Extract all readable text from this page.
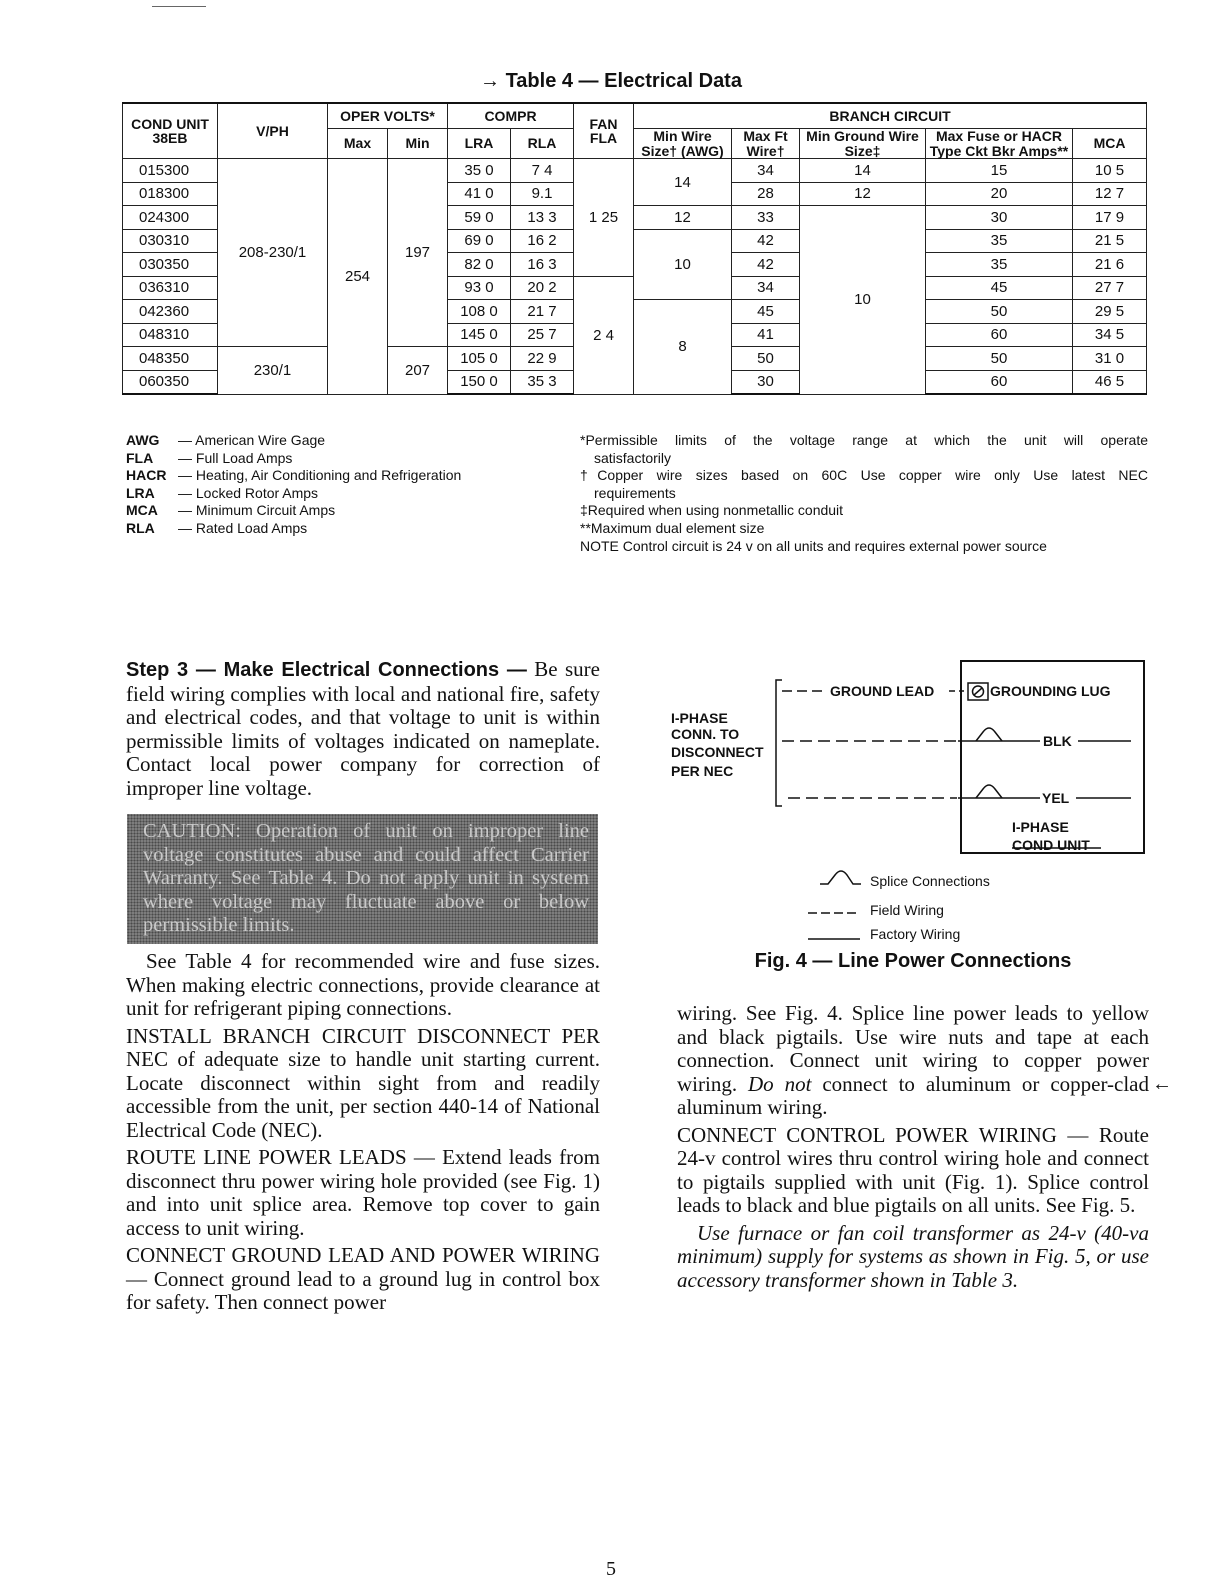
→ Table 4 — Electrical Data
COND UNIT 38EB	V/PH	OPER VOLTS*		COMPR		FAN FLA	BRANCH CIRCUIT				
							Min Wire Size† (AWG)	Max Ft Wire†	Min Ground Wire Size‡	Max Fuse or HACR Type Ckt Bkr Amps**	MCA
		Max	Min	LRA	RLA						
015300	208-230/1	254	197	35 0	7 4	1 25	14	34	14	15	10 5
018300				41 0	9.1			28	12	20	12 7
024300				59 0	13 3		12	33	10	30	17 9
030310				69 0	16 2		10	42		35	21 5
030350				82 0	16 3			42		35	21 6
036310				93 0	20 2	2 4		34		45	27 7
042360				108 0	21 7		8	45		50	29 5
048310				145 0	25 7			41		60	34 5
048350	230/1		207	105 0	22 9			50		50	31 0
060350				150 0	35 3			30		60	46 5
AWG — American Wire Gage
FLA — Full Load Amps
HACR — Heating, Air Conditioning and Refrigeration
LRA — Locked Rotor Amps
MCA — Minimum Circuit Amps
RLA — Rated Load Amps
*Permissible limits of the voltage range at which the unit will operate
satisfactorily
†Copper wire sizes based on 60C Use copper wire only Use latest NEC
requirements
‡Required when using nonmetallic conduit
**Maximum dual element size
NOTE Control circuit is 24 v on all units and requires external power source

Step 3 — Make Electrical Connections — Be sure field wiring complies with local and national fire, safety and electrical codes, and that voltage to unit is within permissible limits of voltages indicated on nameplate. Contact local power company for correction of improper line voltage.

CAUTION: Operation of unit on improper line voltage constitutes abuse and could affect Carrier Warranty. See Table 4. Do not apply unit in system where voltage may fluctuate above or below permissible limits.

See Table 4 for recommended wire and fuse sizes. When making electric connections, provide clearance at unit for refrigerant piping connections.

INSTALL BRANCH CIRCUIT DISCONNECT PER NEC of adequate size to handle unit starting current. Locate disconnect within sight from and readily accessible from the unit, per section 440-14 of National Electrical Code (NEC).

ROUTE LINE POWER LEADS — Extend leads from disconnect thru power wiring hole provided (see Fig. 1) and into unit splice area. Remove top cover to gain access to unit wiring.

CONNECT GROUND LEAD AND POWER WIRING — Connect ground lead to a ground lug in control box for safety. Then connect power

I-PHASE
CONN. TO
DISCONNECT
PER NEC
GROUND LEAD	GROUNDING LUG
BLK
YEL
I-PHASE
COND UNIT
Splice Connections
Field Wiring
Factory Wiring
Fig. 4 — Line Power Connections

wiring. See Fig. 4. Splice line power leads to yellow and black pigtails. Use wire nuts and tape at each connection. Connect unit wiring to copper power wiring. Do not connect to aluminum or copper-clad aluminum wiring.

CONNECT CONTROL POWER WIRING — Route 24-v control wires thru control wiring hole and connect to pigtails supplied with unit (Fig. 1). Splice control leads to black and blue pigtails on all units. See Fig. 5.

Use furnace or fan coil transformer as 24-v (40-va minimum) supply for systems as shown in Fig. 5, or use accessory transformer shown in Table 3.

←
5
